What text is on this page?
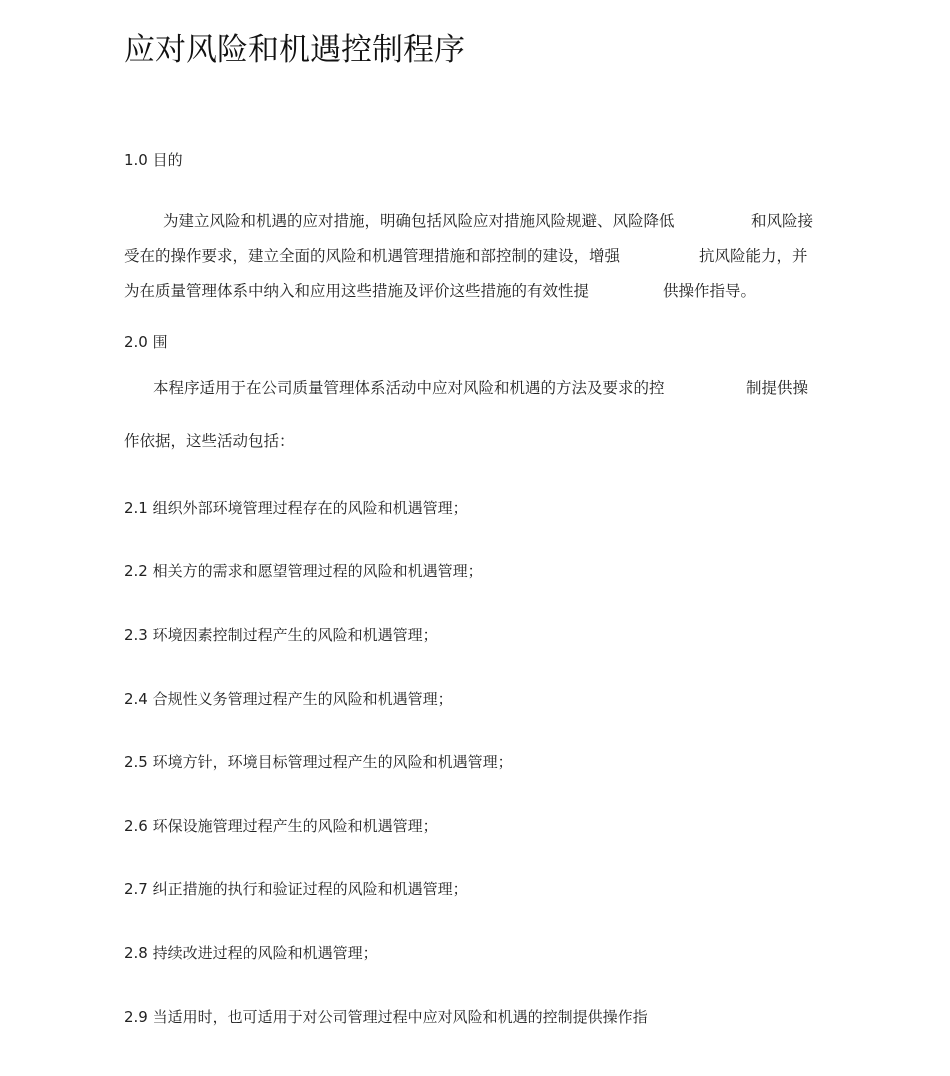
应对风险和机遇控制程序
1.0 目的
为建立风险和机遇的应对措施，明确包括风险应对措施风险规避、风险降低	和风险接
受在的操作要求，建立全面的风险和机遇管理措施和部控制的建设，增强	抗风险能力，并
为在质量管理体系中纳入和应用这些措施及评价这些措施的有效性提	供操作指导。
2.0 围
本程序适用于在公司质量管理体系活动中应对风险和机遇的方法及要求的控	制提供操
作依据，这些活动包括：
2.1 组织外部环境管理过程存在的风险和机遇管理；
2.2 相关方的需求和愿望管理过程的风险和机遇管理；
2.3 环境因素控制过程产生的风险和机遇管理；
2.4 合规性义务管理过程产生的风险和机遇管理；
2.5 环境方针，环境目标管理过程产生的风险和机遇管理；
2.6 环保设施管理过程产生的风险和机遇管理；
2.7 纠正措施的执行和验证过程的风险和机遇管理；
2.8 持续改进过程的风险和机遇管理；
2.9 当适用时，也可适用于对公司管理过程中应对风险和机遇的控制提供操作指
